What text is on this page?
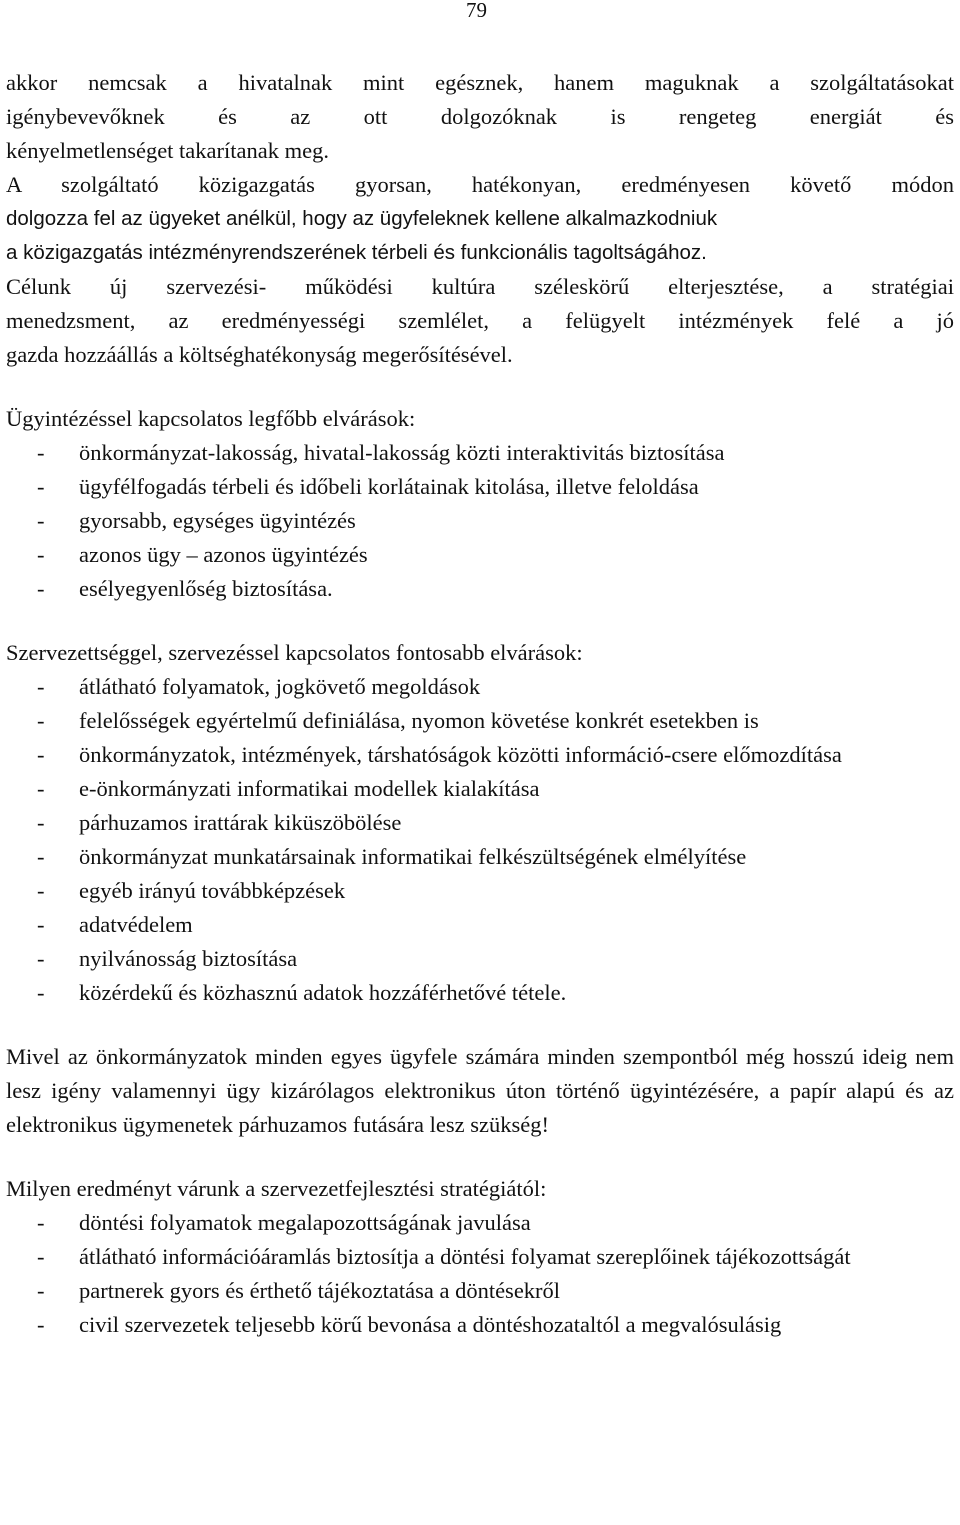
79

akkor nemcsak a hivatalnak mint egésznek, hanem maguknak a szolgáltatásokat

igénybevevőknek és az ott dolgozóknak is rengeteg energiát és

kényelmetlenséget takarítanak meg.

A szolgáltató közigazgatás gyorsan, hatékonyan, eredményesen követő módon

dolgozza fel az ügyeket anélkül, hogy az ügyfeleknek kellene alkalmazkodniuk

a közigazgatás intézményrendszerének térbeli és funkcionális tagoltságához.

Célunk új szervezési- működési kultúra széleskörű elterjesztése, a stratégiai

menedzsment, az eredményességi szemlélet, a felügyelt intézmények felé a jó

gazda hozzáállás a költséghatékonyság megerősítésével.

Ügyintézéssel kapcsolatos legfőbb elvárások:

- önkormányzat-lakosság, hivatal-lakosság közti interaktivitás biztosítása
- ügyfélfogadás térbeli és időbeli korlátainak kitolása, illetve feloldása
- gyorsabb, egységes ügyintézés
- azonos ügy – azonos ügyintézés
- esélyegyenlőség biztosítása.

Szervezettséggel, szervezéssel kapcsolatos fontosabb elvárások:

- átlátható folyamatok, jogkövető megoldások
- felelősségek egyértelmű definiálása, nyomon követése konkrét esetekben is
- önkormányzatok, intézmények, társhatóságok közötti információ-csere előmozdítása
- e-önkormányzati informatikai modellek kialakítása
- párhuzamos irattárak kiküszöbölése
- önkormányzat munkatársainak informatikai felkészültségének elmélyítése
- egyéb irányú továbbképzések
- adatvédelem
- nyilvánosság biztosítása
- közérdekű és közhasznú adatok hozzáférhetővé tétele.

Mivel az önkormányzatok minden egyes ügyfele számára minden szempontból még hosszú ideig nem lesz igény valamennyi ügy kizárólagos elektronikus úton történő ügyintézésére, a papír alapú és az elektronikus ügymenetek párhuzamos futására lesz szükség!

Milyen eredményt várunk a szervezetfejlesztési stratégiától:

- döntési folyamatok megalapozottságának javulása
- átlátható információáramlás biztosítja a döntési folyamat szereplőinek tájékozottságát
- partnerek gyors és érthető tájékoztatása a döntésekről
- civil szervezetek teljesebb körű bevonása a döntéshozataltól a megvalósulásig
